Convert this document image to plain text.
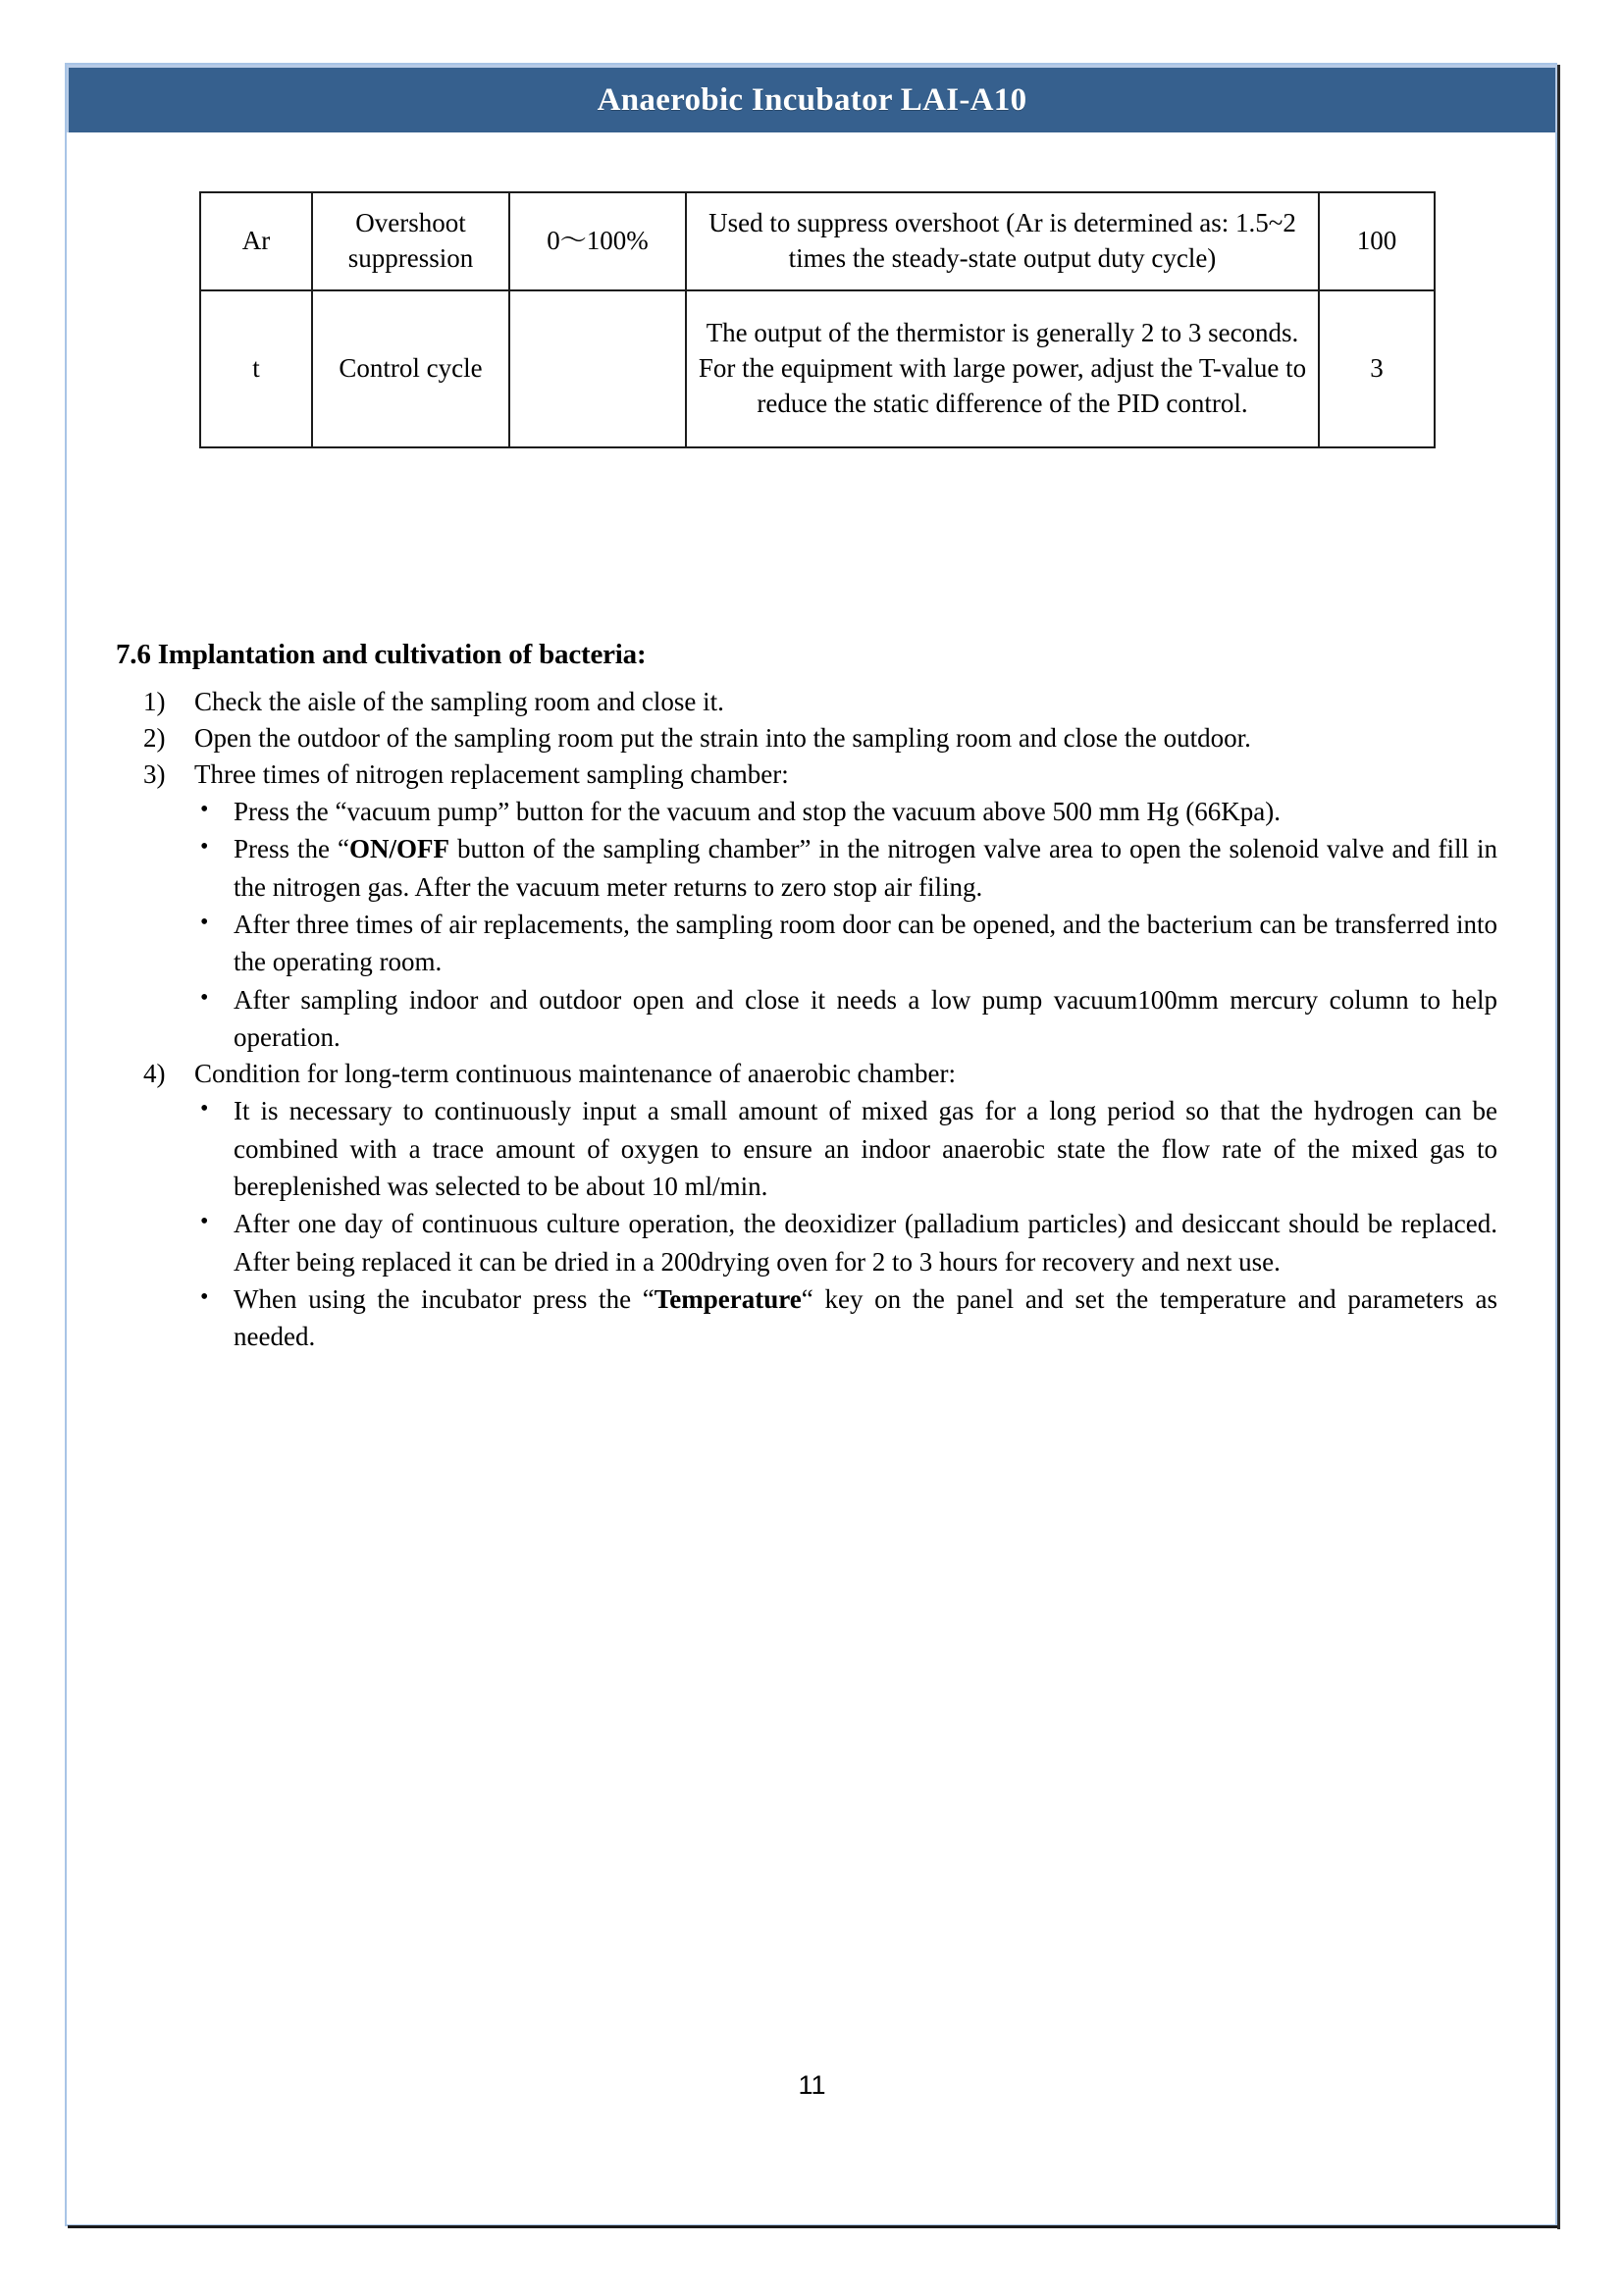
Anaerobic Incubator LAI-A10
Ar	Overshoot suppression	0〜100%	Used to suppress overshoot (Ar is determined as: 1.5~2 times the steady-state output duty cycle)	100
t	Control cycle		The output of the thermistor is generally 2 to 3 seconds. For the equipment with large power, adjust the T-value to reduce the static difference of the PID control.	3
7.6 Implantation and cultivation of bacteria:
1)	Check the aisle of the sampling room and close it.
2)	Open the outdoor of the sampling room put the strain into the sampling room and close the outdoor.
3)	Three times of nitrogen replacement sampling chamber:
• Press the “vacuum pump” button for the vacuum and stop the vacuum above 500 mm Hg (66Kpa).
• Press the “ON/OFF button of the sampling chamber” in the nitrogen valve area to open the solenoid valve and fill in the nitrogen gas. After the vacuum meter returns to zero stop air filing.
• After three times of air replacements, the sampling room door can be opened, and the bacterium can be transferred into the operating room.
• After sampling indoor and outdoor open and close it needs a low pump vacuum100mm mercury column to help operation.
4)	Condition for long-term continuous maintenance of anaerobic chamber:
• It is necessary to continuously input a small amount of mixed gas for a long period so that the hydrogen can be combined with a trace amount of oxygen to ensure an indoor anaerobic state the flow rate of the mixed gas to bereplenished was selected to be about 10 ml/min.
• After one day of continuous culture operation, the deoxidizer (palladium particles) and desiccant should be replaced. After being replaced it can be dried in a 200drying oven for 2 to 3 hours for recovery and next use.
• When using the incubator press the “Temperature“ key on the panel and set the temperature and parameters as needed.
11
